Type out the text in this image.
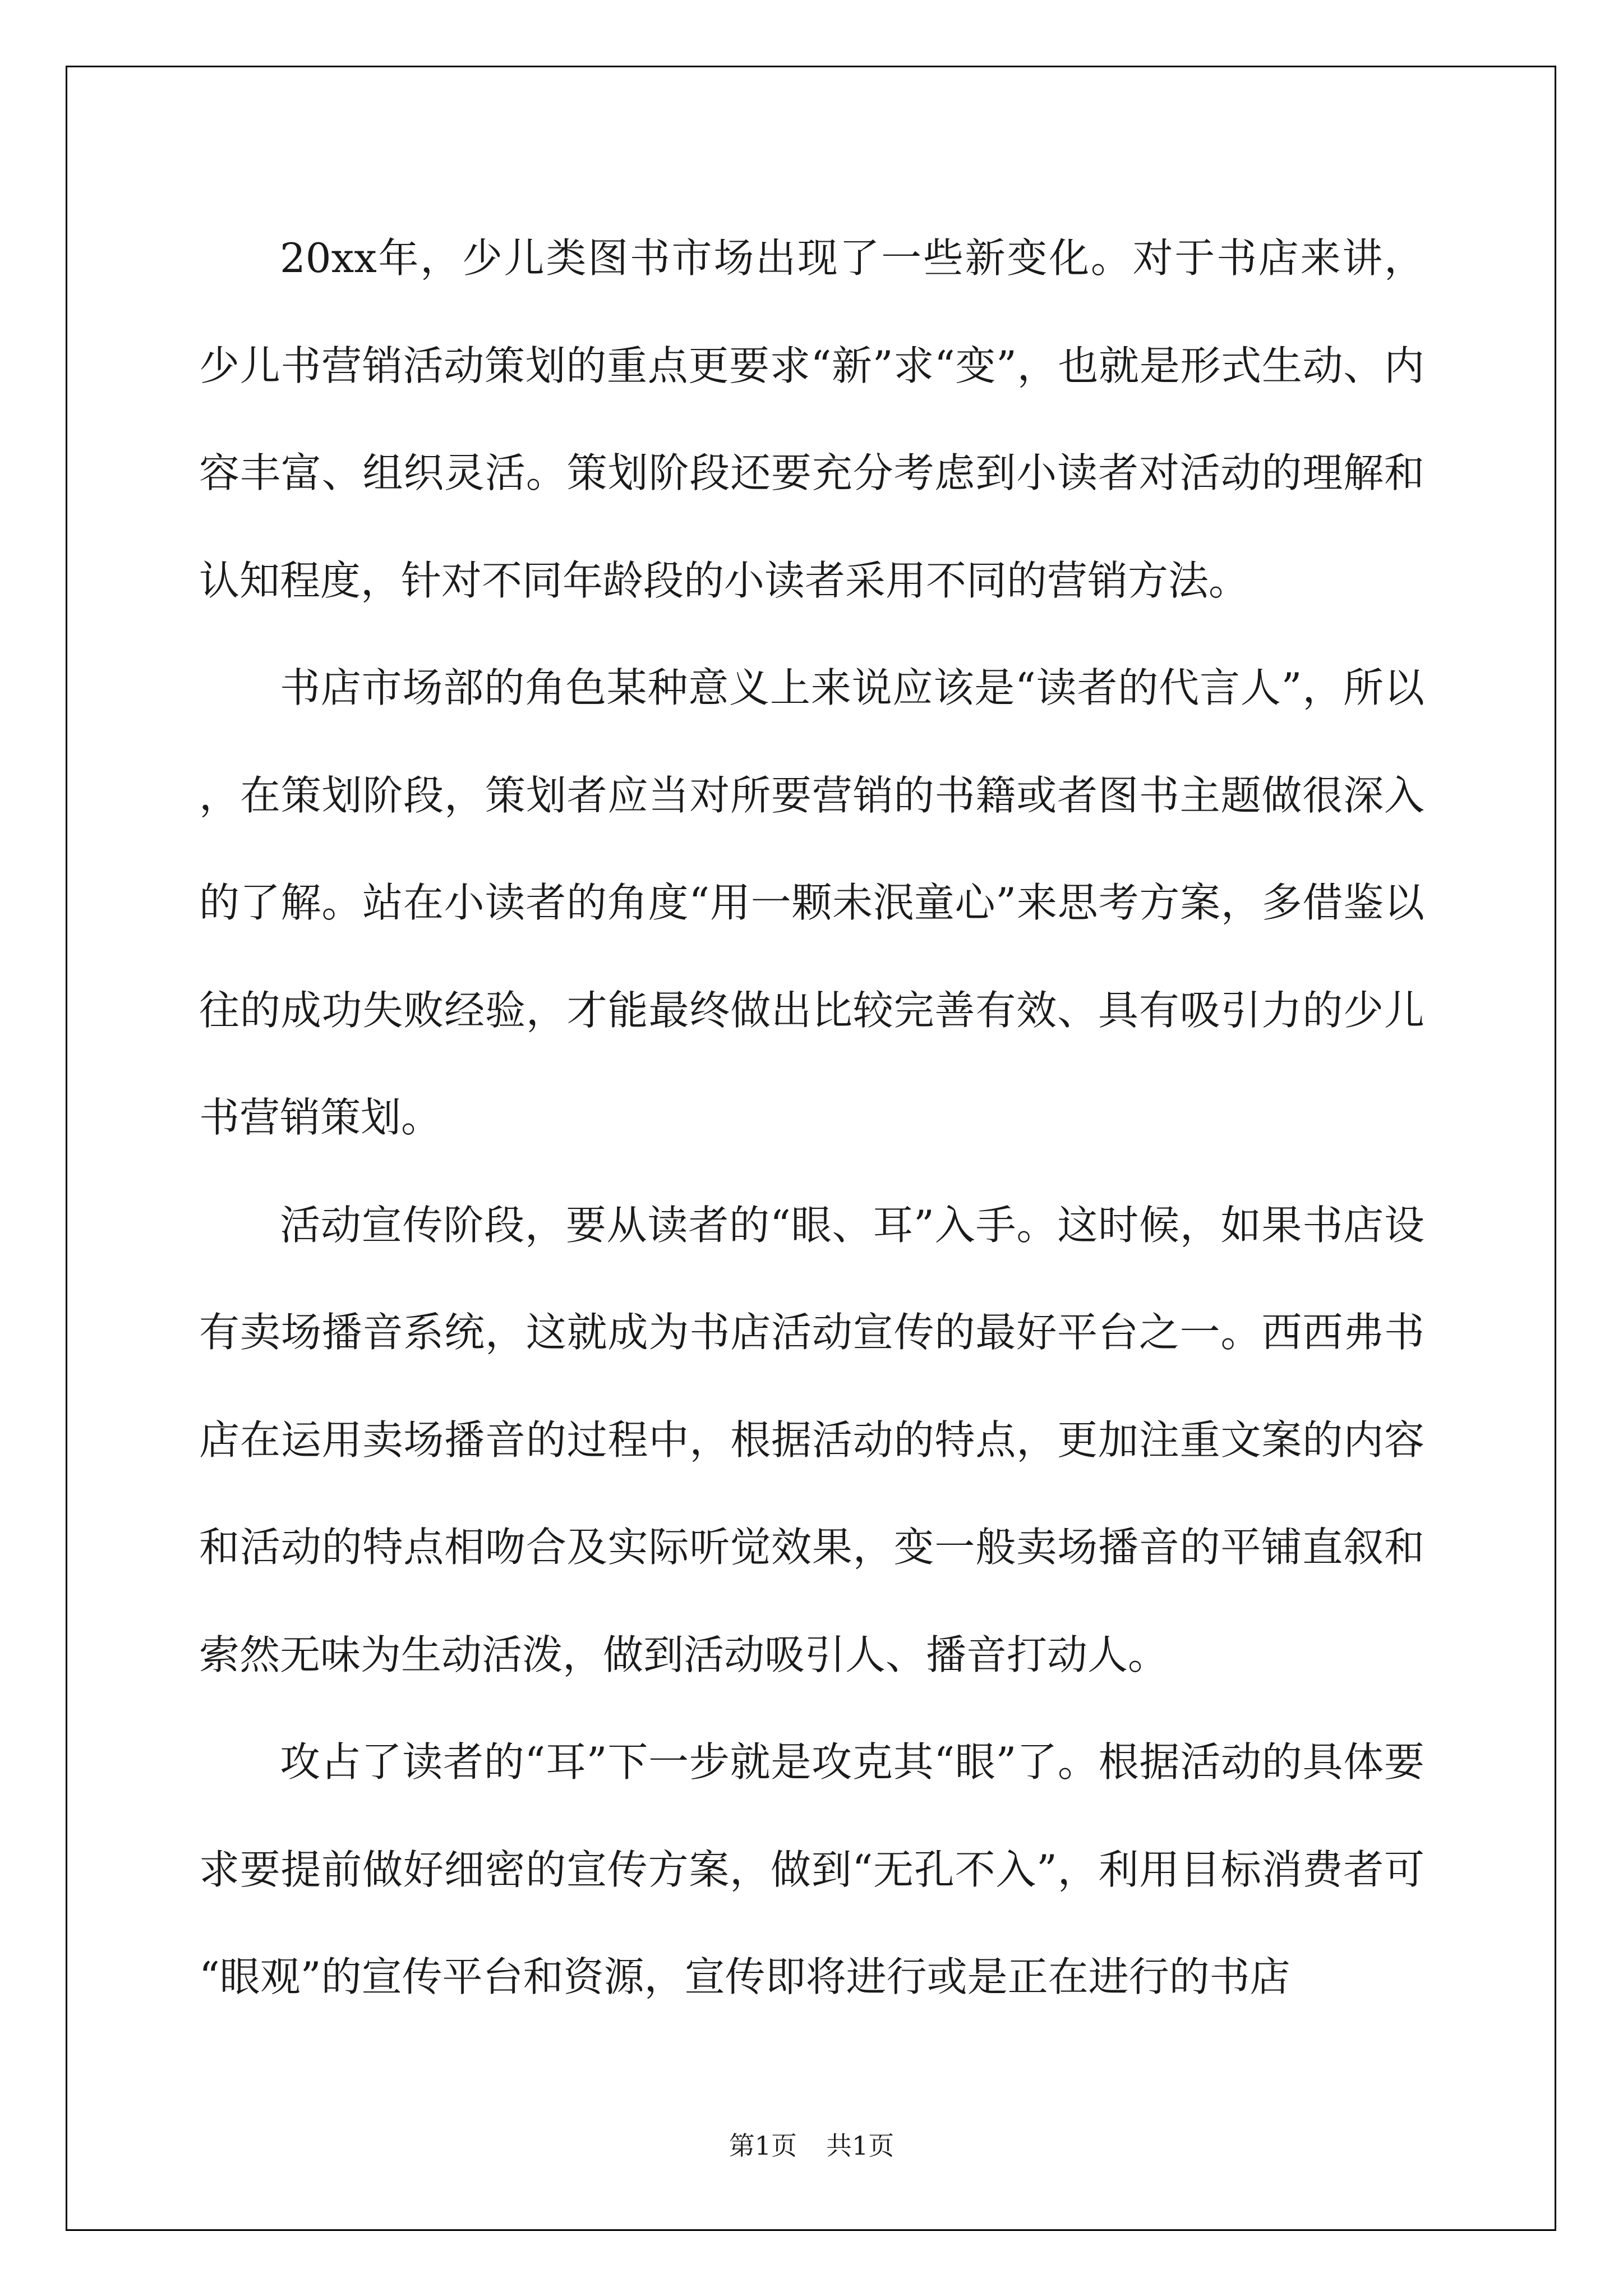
20xx年，少儿类图书市场出现了一些新变化。对于书店来讲，少儿书营销活动策划的重点更要求“新”求“变”，也就是形式生动、内容丰富、组织灵活。策划阶段还要充分考虑到小读者对活动的理解和认知程度，针对不同年龄段的小读者采用不同的营销方法。

书店市场部的角色某种意义上来说应该是“读者的代言人”，所以，在策划阶段，策划者应当对所要营销的书籍或者图书主题做很深入的了解。站在小读者的角度“用一颗未泯童心”来思考方案，多借鉴以往的成功失败经验，才能最终做出比较完善有效、具有吸引力的少儿书营销策划。

活动宣传阶段，要从读者的“眼、耳”入手。这时候，如果书店设有卖场播音系统，这就成为书店活动宣传的最好平台之一。西西弗书店在运用卖场播音的过程中，根据活动的特点，更加注重文案的内容和活动的特点相吻合及实际听觉效果，变一般卖场播音的平铺直叙和索然无味为生动活泼，做到活动吸引人、播音打动人。

攻占了读者的“耳”下一步就是攻克其“眼”了。根据活动的具体要求要提前做好细密的宣传方案，做到“无孔不入”，利用目标消费者可“眼观”的宣传平台和资源，宣传即将进行或是正在进行的书店

第1页 共1页
